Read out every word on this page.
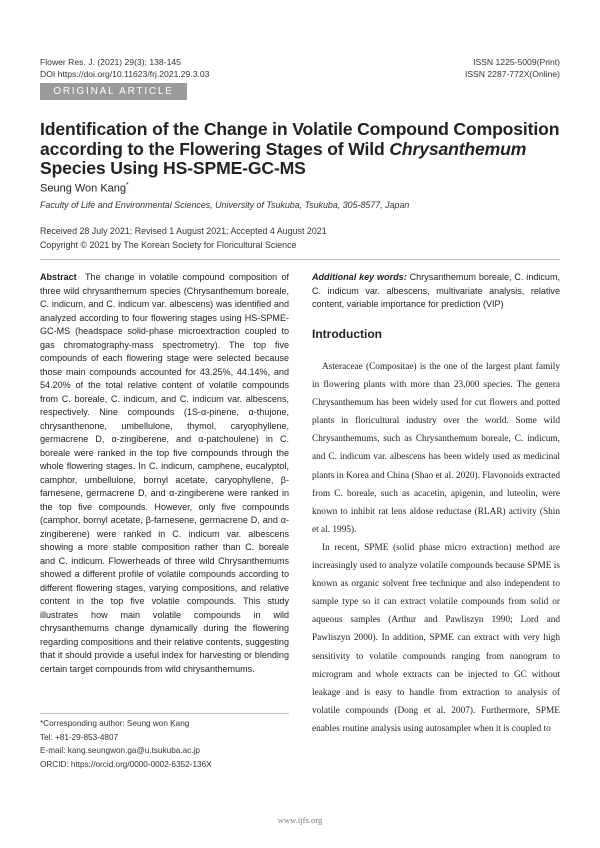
Flower Res. J. (2021) 29(3): 138-145
DOI https://doi.org/10.11623/frj.2021.29.3.03
ISSN 1225-5009(Print)
ISSN 2287-772X(Online)
ORIGINAL ARTICLE
Identification of the Change in Volatile Compound Composition
according to the Flowering Stages of Wild Chrysanthemum
Species Using HS-SPME-GC-MS
Seung Won Kang*
Faculty of Life and Environmental Sciences, University of Tsukuba, Tsukuba, 305-8577, Japan
Received 28 July 2021; Revised 1 August 2021; Accepted 4 August 2021
Copyright © 2021 by The Korean Society for Floricultural Science

Abstract The change in volatile compound composition of three wild chrysanthemum species (Chrysanthemum boreale, C. indicum, and C. indicum var. albescens) was identified and analyzed according to four flowering stages using HS-SPME-GC-MS (headspace solid-phase microextraction coupled to gas chromatography-mass spectrometry). The top five compounds of each flowering stage were selected because those main compounds accounted for 43.25%, 44.14%, and 54.20% of the total relative content of volatile compounds from C. boreale, C. indicum, and C. indicum var. albescens, respectively. Nine compounds (1S-α-pinene, α-thujone, chrysanthenone, umbellulone, thymol, caryophyllene, germacrene D, α-zingiberene, and α-patchoulene) in C. boreale were ranked in the top five compounds through the whole flowering stages. In C. indicum, camphene, eucalyptol, camphor, umbellulone, bornyl acetate, caryophyllene, β-farnesene, germacrene D, and α-zingiberene were ranked in the top five compounds. However, only five compounds (camphor, bornyl acetate, β-farnesene, germacrene D, and α-zingiberene) were ranked in C. indicum var. albescens showing a more stable composition rather than C. boreale and C. indicum. Flowerheads of three wild Chrysanthemums showed a different profile of volatile compounds according to different flowering stages, varying compositions, and relative content in the top five volatile compounds. This study illustrates how main volatile compounds in wild chrysanthemums change dynamically during the flowering regarding compositions and their relative contents, suggesting that it should provide a useful index for harvesting or blending certain target compounds from wild chrysanthemums.

Additional key words: Chrysanthemum boreale, C. indicum, C. indicum var. albescens, multivariate analysis, relative content, variable importance for prediction (VIP)

Introduction

Asteraceae (Compositae) is the one of the largest plant family in flowering plants with more than 23,000 species. The genera Chrysanthemum has been widely used for cut flowers and potted plants in floricultural industry over the world. Some wild Chrysanthemums, such as Chrysanthemum boreale, C. indicum, and C. indicum var. albescens has been widely used as medicinal plants in Korea and China (Shao et al. 2020). Flavonoids extracted from C. boreale, such as acacetin, apigenin, and luteolin, were known to inhibit rat lens aldose reductase (RLAR) activity (Shin et al. 1995).

In recent, SPME (solid phase micro extraction) method are increasingly used to analyze volatile compounds because SPME is known as organic solvent free technique and also independent to sample type so it can extract volatile compounds from solid or aqueous samples (Arthur and Pawliszyn 1990; Lord and Pawliszyn 2000). In addition, SPME can extract with very high sensitivity to volatile compounds ranging from nanogram to microgram and whole extracts can be injected to GC without leakage and is easy to handle from extraction to analysis of volatile compounds (Dong et al. 2007). Furthermore, SPME enables routine analysis using autosampler when it is coupled to

*Corresponding author: Seung won Kang
Tel: +81-29-853-4807
E-mail: kang.seungwon.ga@u.tsukuba.ac.jp
ORCID: https://orcid.org/0000-0002-6352-136X
www.ijfs.org
